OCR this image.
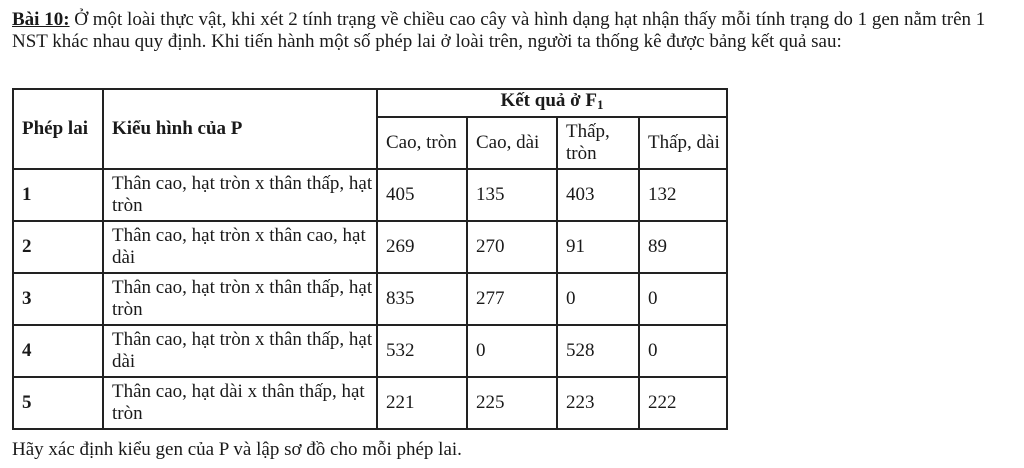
Bài 10: Ở một loài thực vật, khi xét 2 tính trạng về chiều cao cây và hình dạng hạt nhận thấy mỗi tính trạng do 1 gen nằm trên 1 NST khác nhau quy định. Khi tiến hành một số phép lai ở loài trên, người ta thống kê được bảng kết quả sau:

Phép lai	Kiểu hình của P	Kết quả ở $F_1$
		Cao, tròn	Cao, dài	Thấp, tròn	Thấp, dài
1	Thân cao, hạt tròn x thân thấp, hạt tròn	405	135	403	132
2	Thân cao, hạt tròn x thân cao, hạt dài	269	270	91	89
3	Thân cao, hạt tròn x thân thấp, hạt tròn	835	277	0	0
4	Thân cao, hạt tròn x thân thấp, hạt dài	532	0	528	0
5	Thân cao, hạt dài x thân thấp, hạt tròn	221	225	223	222

Hãy xác định kiểu gen của P và lập sơ đồ cho mỗi phép lai.
